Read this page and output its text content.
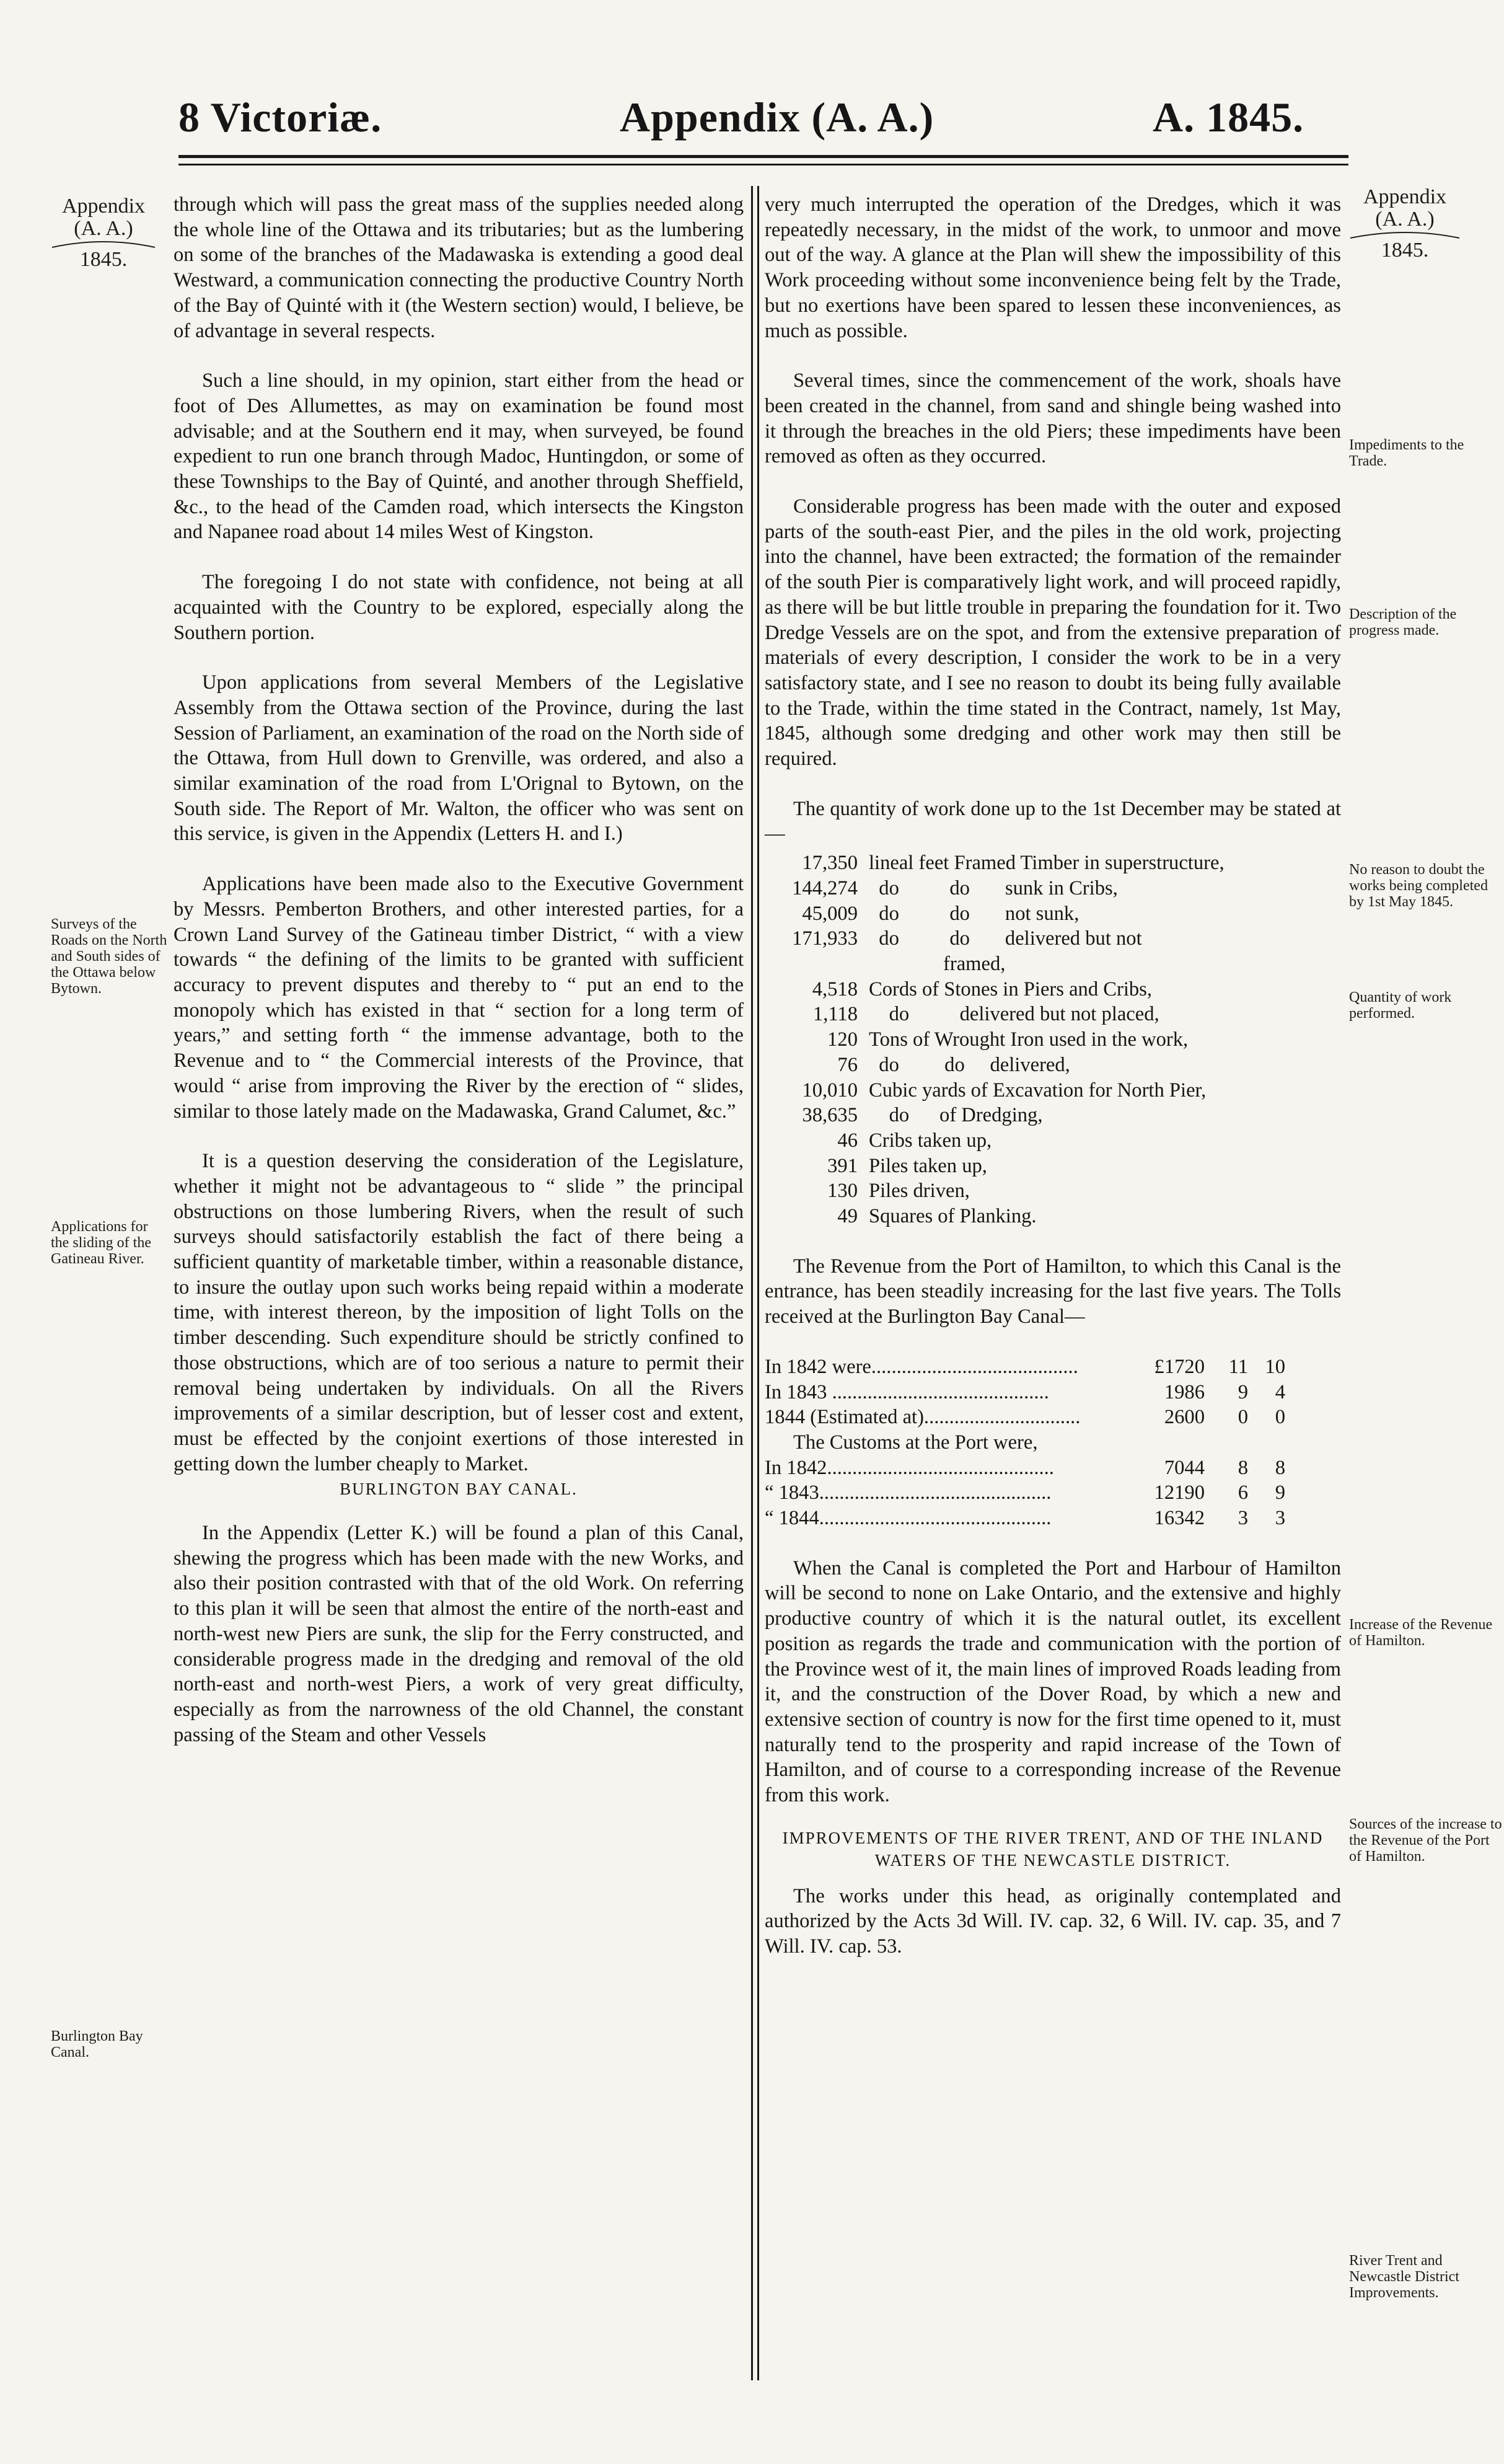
8 Victoriæ.	Appendix (A. A.)	A. 1845.
Appendix
(A. A.)
1845.
Surveys of the Roads on the North and South sides of the Ottawa below Bytown.
Applications for the sliding of the Gatineau River.
Burlington Bay Canal.
Appendix
(A. A.)
1845.
Impediments to the Trade.
Description of the progress made.
No reason to doubt the works being completed by 1st May 1845.
Quantity of work performed.
Increase of the Revenue of Hamilton.
Sources of the increase to the Revenue of the Port of Hamilton.
River Trent and Newcastle District Improvements.

through which will pass the great mass of the supplies needed along the whole line of the Ottawa and its tributaries; but as the lumbering on some of the branches of the Madawaska is extending a good deal Westward, a communication connecting the productive Country North of the Bay of Quinté with it (the Western section) would, I believe, be of advantage in several respects.

Such a line should, in my opinion, start either from the head or foot of Des Allumettes, as may on examination be found most advisable; and at the Southern end it may, when surveyed, be found expedient to run one branch through Madoc, Huntingdon, or some of these Townships to the Bay of Quinté, and another through Sheffield, &c., to the head of the Camden road, which intersects the Kingston and Napanee road about 14 miles West of Kingston.

The foregoing I do not state with confidence, not being at all acquainted with the Country to be explored, especially along the Southern portion.

Upon applications from several Members of the Legislative Assembly from the Ottawa section of the Province, during the last Session of Parliament, an examination of the road on the North side of the Ottawa, from Hull down to Grenville, was ordered, and also a similar examination of the road from L'Orignal to Bytown, on the South side. The Report of Mr. Walton, the officer who was sent on this service, is given in the Appendix (Letters H. and I.)

Applications have been made also to the Executive Government by Messrs. Pemberton Brothers, and other interested parties, for a Crown Land Survey of the Gatineau timber District, “ with a view towards “ the defining of the limits to be granted with sufficient accuracy to prevent disputes and thereby to “ put an end to the monopoly which has existed in that “ section for a long term of years,” and setting forth “ the immense advantage, both to the Revenue and to “ the Commercial interests of the Province, that would “ arise from improving the River by the erection of “ slides, similar to those lately made on the Madawaska, Grand Calumet, &c.”

It is a question deserving the consideration of the Legislature, whether it might not be advantageous to “ slide ” the principal obstructions on those lumbering Rivers, when the result of such surveys should satisfactorily establish the fact of there being a sufficient quantity of marketable timber, within a reasonable distance, to insure the outlay upon such works being repaid within a moderate time, with interest thereon, by the imposition of light Tolls on the timber descending. Such expenditure should be strictly confined to those obstructions, which are of too serious a nature to permit their removal being undertaken by individuals. On all the Rivers improvements of a similar description, but of lesser cost and extent, must be effected by the conjoint exertions of those interested in getting down the lumber cheaply to Market.

BURLINGTON BAY CANAL.

In the Appendix (Letter K.) will be found a plan of this Canal, shewing the progress which has been made with the new Works, and also their position contrasted with that of the old Work. On referring to this plan it will be seen that almost the entire of the north-east and north-west new Piers are sunk, the slip for the Ferry constructed, and considerable progress made in the dredging and removal of the old north-east and north-west Piers, a work of very great difficulty, especially as from the narrowness of the old Channel, the constant passing of the Steam and other Vessels

very much interrupted the operation of the Dredges, which it was repeatedly necessary, in the midst of the work, to unmoor and move out of the way. A glance at the Plan will shew the impossibility of this Work proceeding without some inconvenience being felt by the Trade, but no exertions have been spared to lessen these inconveniences, as much as possible.

Several times, since the commencement of the work, shoals have been created in the channel, from sand and shingle being washed into it through the breaches in the old Piers; these impediments have been removed as often as they occurred.

Considerable progress has been made with the outer and exposed parts of the south-east Pier, and the piles in the old work, projecting into the channel, have been extracted; the formation of the remainder of the south Pier is comparatively light work, and will proceed rapidly, as there will be but little trouble in preparing the foundation for it. Two Dredge Vessels are on the spot, and from the extensive preparation of materials of every description, I consider the work to be in a very satisfactory state, and I see no reason to doubt its being fully available to the Trade, within the time stated in the Contract, namely, 1st May, 1845, although some dredging and other work may then still be required.

The quantity of work done up to the 1st December may be stated at—

17,350 lineal feet Framed Timber in superstructure,
144,274 do          do       sunk in Cribs,
45,009 do          do       not sunk,
171,933 do          do       delivered but not
framed,
4,518 Cords of Stones in Piers and Cribs,
1,118 do          delivered but not placed,
120 Tons of Wrought Iron used in the work,
76 do         do     delivered,
10,010 Cubic yards of Excavation for North Pier,
38,635 do      of Dredging,
46 Cribs taken up,
391 Piles taken up,
130 Piles driven,
49 Squares of Planking.

The Revenue from the Port of Hamilton, to which this Canal is the entrance, has been steadily increasing for the last five years. The Tolls received at the Burlington Bay Canal—

In 1842 were.........................................	£1720	11 10
In 1843 ...........................................	1986	9	4
1844 (Estimated at)...............................	2600	0	0
The Customs at the Port were,
In 1842.............................................	7044	8	8
“ 1843..............................................	12190	6	9
“ 1844..............................................	16342	3	3

When the Canal is completed the Port and Harbour of Hamilton will be second to none on Lake Ontario, and the extensive and highly productive country of which it is the natural outlet, its excellent position as regards the trade and communication with the portion of the Province west of it, the main lines of improved Roads leading from it, and the construction of the Dover Road, by which a new and extensive section of country is now for the first time opened to it, must naturally tend to the prosperity and rapid increase of the Town of Hamilton, and of course to a corresponding increase of the Revenue from this work.

IMPROVEMENTS OF THE RIVER TRENT, AND OF THE INLAND WATERS OF THE NEWCASTLE DISTRICT.

The works under this head, as originally contemplated and authorized by the Acts 3d Will. IV. cap. 32, 6 Will. IV. cap. 35, and 7 Will. IV. cap. 53.
